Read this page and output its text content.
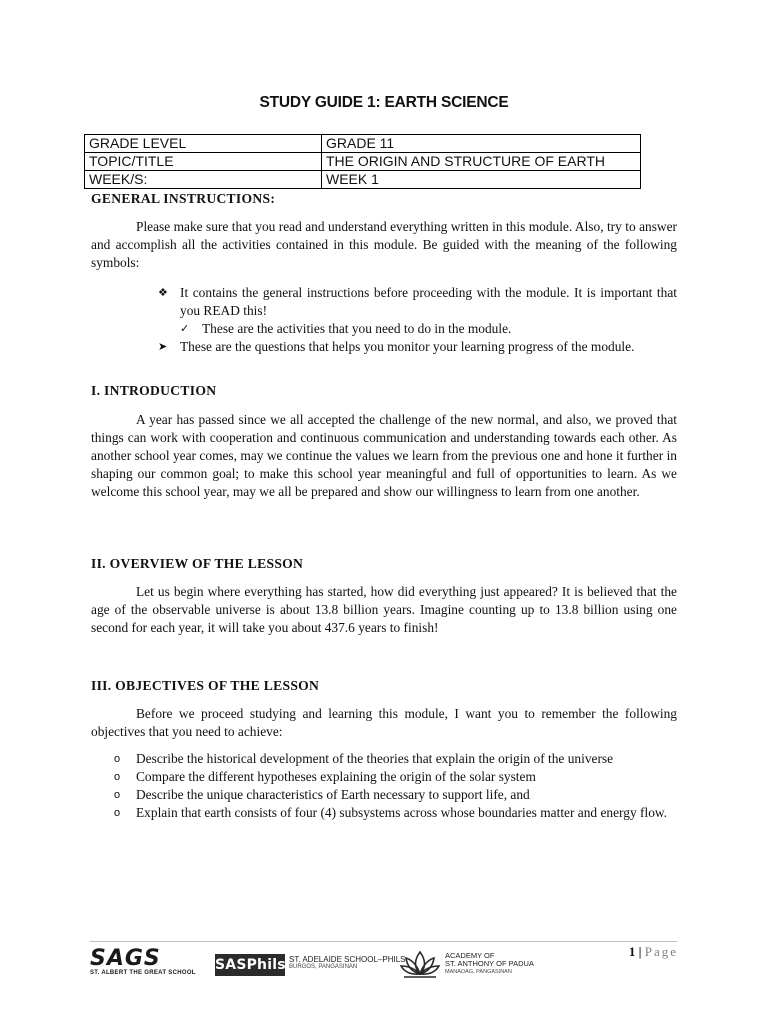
STUDY GUIDE 1: EARTH SCIENCE
GRADE LEVEL	GRADE 11
TOPIC/TITLE	THE ORIGIN AND STRUCTURE OF EARTH
WEEK/S:	WEEK 1
GENERAL INSTRUCTIONS:
Please make sure that you read and understand everything written in this module. Also, try to answer and accomplish all the activities contained in this module. Be guided with the meaning of the following symbols:
❖ It contains the general instructions before proceeding with the module. It is important that you READ this!
✓ These are the activities that you need to do in the module.
➤ These are the questions that helps you monitor your learning progress of the module.
I. INTRODUCTION
A year has passed since we all accepted the challenge of the new normal, and also, we proved that things can work with cooperation and continuous communication and understanding towards each other. As another school year comes, may we continue the values we learn from the previous one and hone it further in shaping our common goal; to make this school year meaningful and full of opportunities to learn. As we welcome this school year, may we all be prepared and show our willingness to learn from one another.
II. OVERVIEW OF THE LESSON
Let us begin where everything has started, how did everything just appeared? It is believed that the age of the observable universe is about 13.8 billion years. Imagine counting up to 13.8 billion using one second for each year, it will take you about 437.6 years to finish!
III. OBJECTIVES OF THE LESSON
Before we proceed studying and learning this module, I want you to remember the following objectives that you need to achieve:
o Describe the historical development of the theories that explain the origin of the universe
o Compare the different hypotheses explaining the origin of the solar system
o Describe the unique characteristics of Earth necessary to support life, and
o Explain that earth consists of four (4) subsystems across whose boundaries matter and energy flow.
1 | Page
SAGS
ST. ALBERT THE GREAT SCHOOL	SASPhils.
ST. ADELAIDE SCHOOL–PHILS
BURGOS, PANGASINAN
ACADEMY OF
ST. ANTHONY OF PADUA
MANAOAG, PANGASINAN
